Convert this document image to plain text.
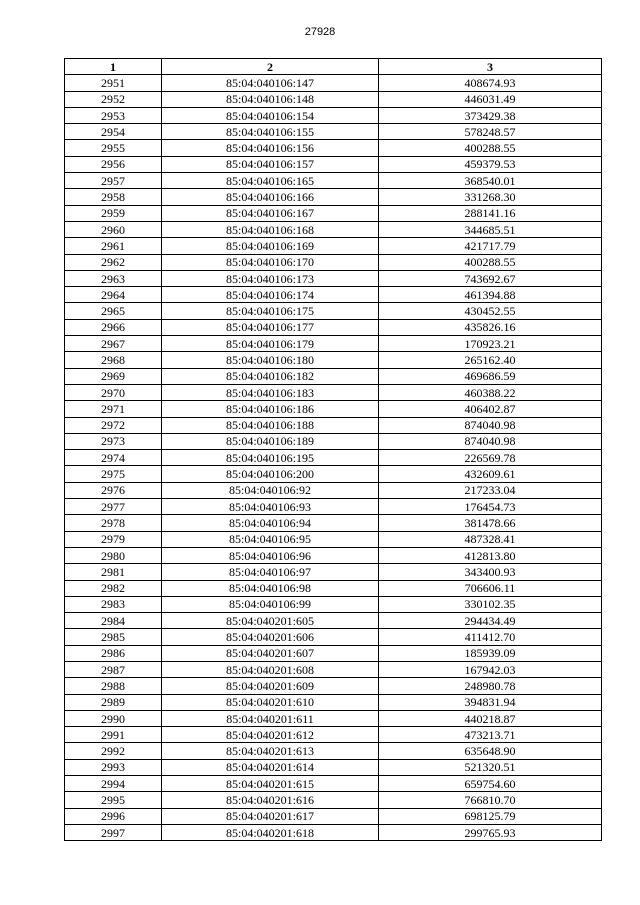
27928
1	2	3
2951	85:04:040106:147	408674.93
2952	85:04:040106:148	446031.49
2953	85:04:040106:154	373429.38
2954	85:04:040106:155	578248.57
2955	85:04:040106:156	400288.55
2956	85:04:040106:157	459379.53
2957	85:04:040106:165	368540.01
2958	85:04:040106:166	331268.30
2959	85:04:040106:167	288141.16
2960	85:04:040106:168	344685.51
2961	85:04:040106:169	421717.79
2962	85:04:040106:170	400288.55
2963	85:04:040106:173	743692.67
2964	85:04:040106:174	461394.88
2965	85:04:040106:175	430452.55
2966	85:04:040106:177	435826.16
2967	85:04:040106:179	170923.21
2968	85:04:040106:180	265162.40
2969	85:04:040106:182	469686.59
2970	85:04:040106:183	460388.22
2971	85:04:040106:186	406402.87
2972	85:04:040106:188	874040.98
2973	85:04:040106:189	874040.98
2974	85:04:040106:195	226569.78
2975	85:04:040106:200	432609.61
2976	85:04:040106:92	217233.04
2977	85:04:040106:93	176454.73
2978	85:04:040106:94	381478.66
2979	85:04:040106:95	487328.41
2980	85:04:040106:96	412813.80
2981	85:04:040106:97	343400.93
2982	85:04:040106:98	706606.11
2983	85:04:040106:99	330102.35
2984	85:04:040201:605	294434.49
2985	85:04:040201:606	411412.70
2986	85:04:040201:607	185939.09
2987	85:04:040201:608	167942.03
2988	85:04:040201:609	248980.78
2989	85:04:040201:610	394831.94
2990	85:04:040201:611	440218.87
2991	85:04:040201:612	473213.71
2992	85:04:040201:613	635648.90
2993	85:04:040201:614	521320.51
2994	85:04:040201:615	659754.60
2995	85:04:040201:616	766810.70
2996	85:04:040201:617	698125.79
2997	85:04:040201:618	299765.93
